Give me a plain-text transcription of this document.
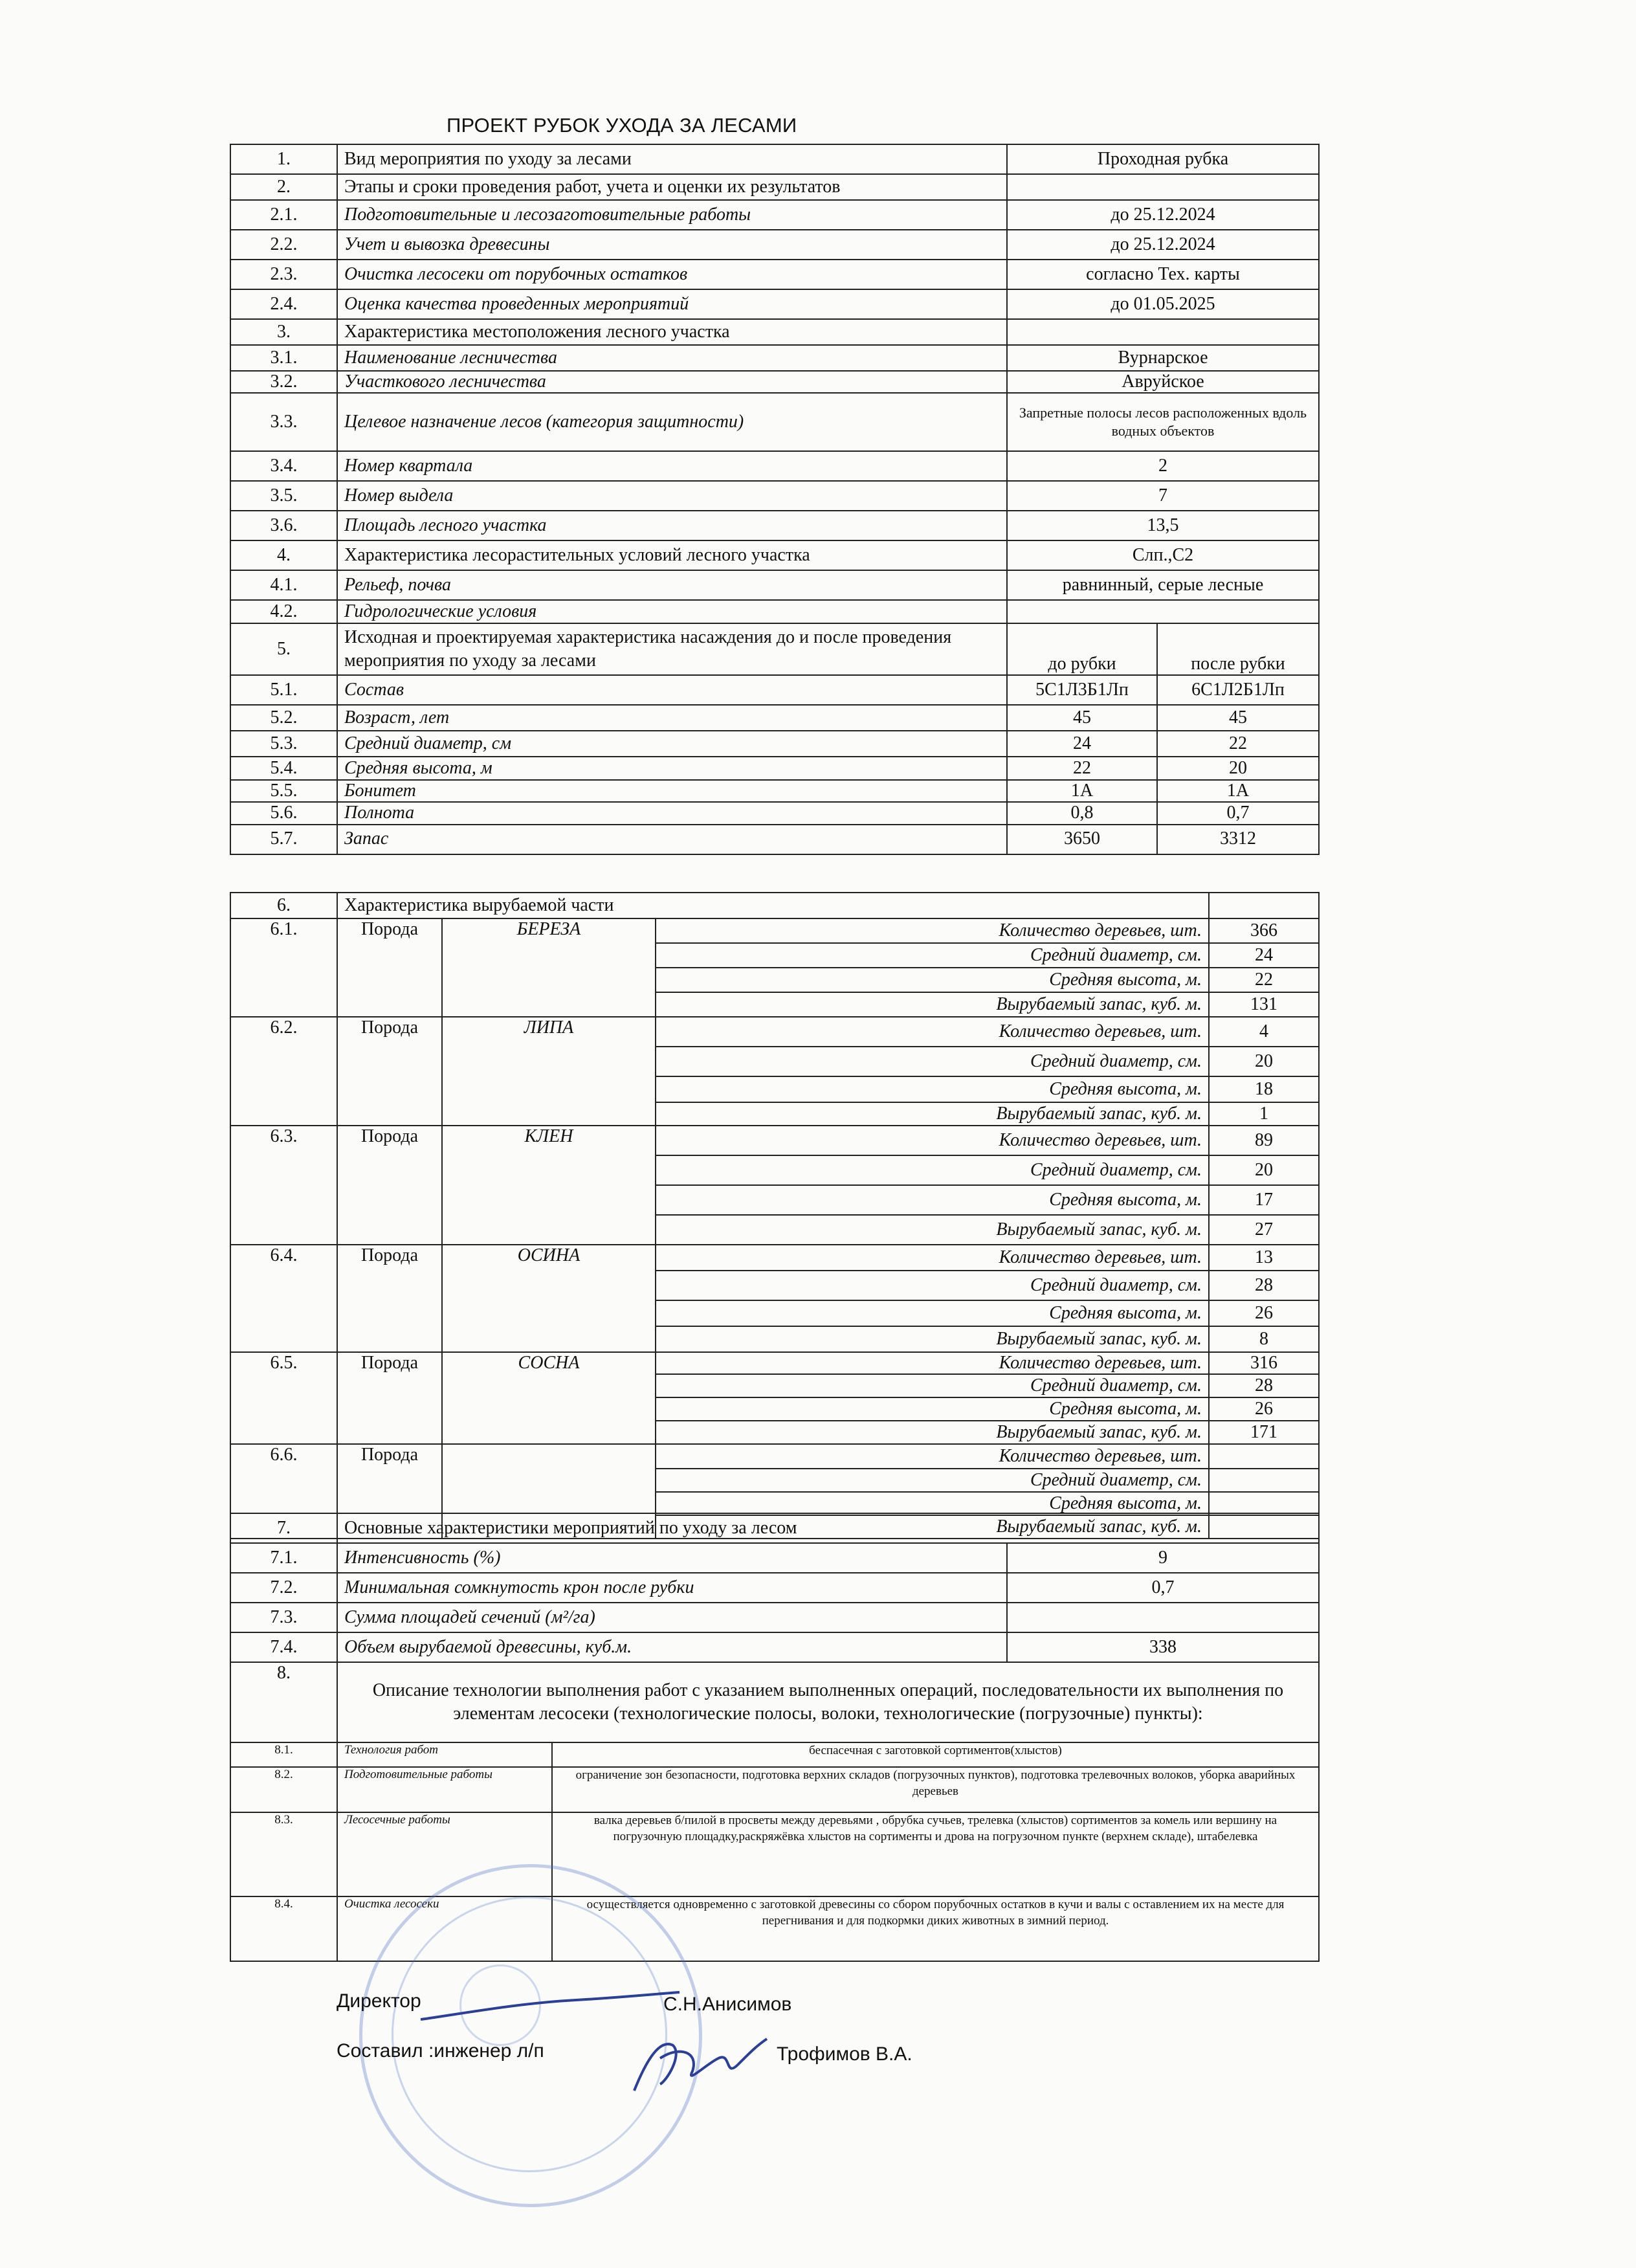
ПРОЕКТ РУБОК УХОДА ЗА ЛЕСАМИ
1.	Вид мероприятия по уходу за лесами	Проходная рубка	
2.	Этапы и сроки проведения работ, учета и оценки их результатов		
2.1.	Подготовительные и лесозаготовительные работы	до 25.12.2024	
2.2.	Учет и вывозка древесины	до 25.12.2024	
2.3.	Очистка лесосеки от порубочных остатков	согласно Тех. карты	
2.4.	Оценка качества проведенных мероприятий	до 01.05.2025	
3.	Характеристика местоположения лесного участка		
3.1.	Наименование лесничества	Вурнарское	
3.2.	Участкового лесничества	Авруйское	
3.3.	Целевое назначение лесов (категория защитности)	Запретные полосы лесов расположенных вдоль водных объектов	
3.4.	Номер квартала	2	
3.5.	Номер выдела	7	
3.6.	Площадь лесного участка	13,5	
4.	Характеристика лесорастительных условий лесного участка	Слп.,С2	
4.1.	Рельеф, почва	равнинный, серые лесные	
4.2.	Гидрологические условия		
5.	Исходная и проектируемая характеристика насаждения до и после проведения мероприятия по уходу за лесами	до рубки	после рубки
5.1.	Состав	5С1Л3Б1Лп	6С1Л2Б1Лп
5.2.	Возраст, лет	45	45
5.3.	Средний диаметр, см	24	22
5.4.	Средняя высота, м	22	20
5.5.	Бонитет	1А	1А
5.6.	Полнота	0,8	0,7
5.7.	Запас	3650	3312
6.	Характеристика вырубаемой части			
6.1.	Порода	БЕРЕЗА	Количество деревьев, шт.	366
			Средний диаметр, см.	24
			Средняя высота, м.	22
			Вырубаемый запас, куб. м.	131
6.2.	Порода	ЛИПА	Количество деревьев, шт.	4
			Средний диаметр, см.	20
			Средняя высота, м.	18
			Вырубаемый запас, куб. м.	1
6.3.	Порода	КЛЕН	Количество деревьев, шт.	89
			Средний диаметр, см.	20
			Средняя высота, м.	17
			Вырубаемый запас, куб. м.	27
6.4.	Порода	ОСИНА	Количество деревьев, шт.	13
			Средний диаметр, см.	28
			Средняя высота, м.	26
			Вырубаемый запас, куб. м.	8
6.5.	Порода	СОСНА	Количество деревьев, шт.	316
			Средний диаметр, см.	28
			Средняя высота, м.	26
			Вырубаемый запас, куб. м.	171
6.6.	Порода		Количество деревьев, шт.	
			Средний диаметр, см.	
			Средняя высота, м.	
			Вырубаемый запас, куб. м.	
7.	Основные характеристики мероприятий по уходу за лесом		
7.1.	Интенсивность (%)		9
7.2.	Минимальная сомкнутость крон после рубки		0,7
7.3.	Сумма площадей сечений (м²/га)		
7.4.	Объем вырубаемой древесины, куб.м.		338
8.	Описание технологии выполнения работ с указанием выполненных операций, последовательности их выполнения по элементам лесосеки (технологические полосы, волоки, технологические (погрузочные) пункты):		
8.1.	Технология работ	беспасечная с заготовкой сортиментов(хлыстов)	
8.2.	Подготовительные работы	ограничение зон безопасности, подготовка верхних складов (погрузочных пунктов), подготовка трелевочных волоков, уборка аварийных деревьев	
8.3.	Лесосечные работы	валка деревьев б/пилой в просветы между деревьями , обрубка сучьев, трелевка (хлыстов) сортиментов за комель или вершину на погрузочную площадку,раскряжёвка хлыстов на сортименты и дрова на погрузочном пункте (верхнем складе), штабелевка	
8.4.	Очистка лесосеки	осуществляется одновременно с заготовкой древесины со сбором порубочных остатков в кучи и валы с оставлением их на месте для перегнивания и для подкормки диких животных в зимний период.	
Директор	С.Н.Анисимов
Составил :инженер л/п	Трофимов В.А.
